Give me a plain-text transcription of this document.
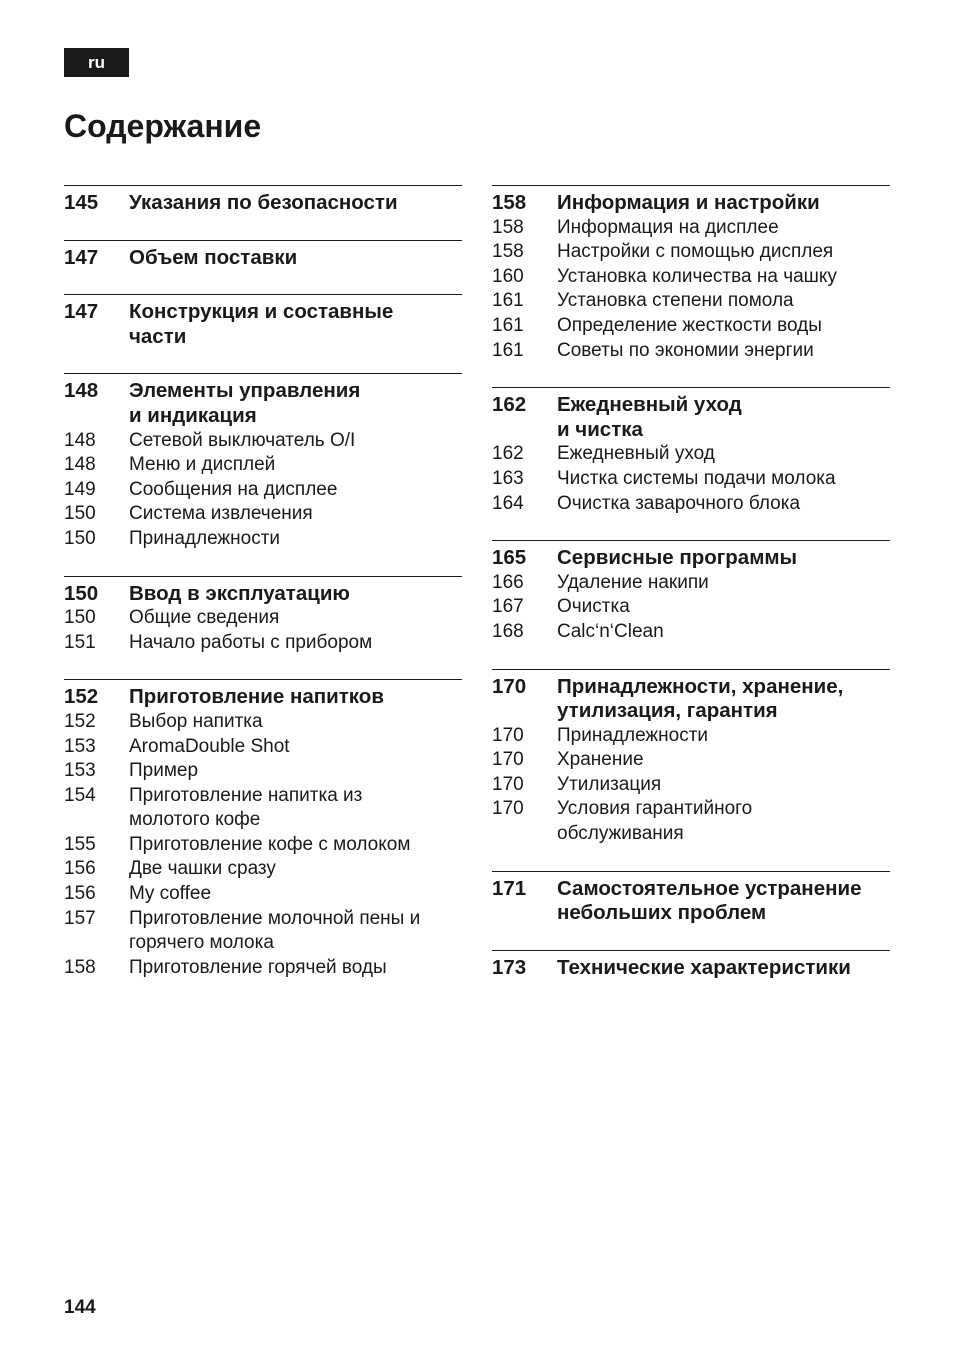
ru
Содержание
145	Указания по безопасности
147	Объем поставки
147	Конструкция и составные
части
148	Элементы управления
и индикация
148	Сетевой выключатель O/I
148	Меню и дисплей
149	Сообщения на дисплее
150	Система извлечения
150	Принадлежности
150	Ввод в эксплуатацию
150	Общие сведения
151	Начало работы с прибором
152	Приготовление напитков
152	Выбор напитка
153	AromaDouble Shot
153	Пример
154	Приготовление напитка из
молотого кофе
155	Приготовление кофе с молоком
156	Две чашки сразу
156	My coffee
157	Приготовление молочной пены и
горячего молока
158	Приготовление горячей воды
158	Информация и настройки
158	Информация на дисплее
158	Настройки с помощью дисплея
160	Установка количества на чашку
161	Установка степени помола
161	Определение жесткости воды
161	Советы по экономии энергии
162	Ежедневный уход
и чистка
162	Ежедневный уход
163	Чистка системы подачи молока
164	Очистка заварочного блока
165	Сервисные программы
166	Удаление накипи
167	Очистка
168	Calc‘n‘Clean
170	Принадлежности, хранение,
утилизация, гарантия
170	Принадлежности
170	Хранение
170	Утилизация
170	Условия гарантийного
обслуживания
171	Самостоятельное устранение
небольших проблем
173	Технические характеристики
144
